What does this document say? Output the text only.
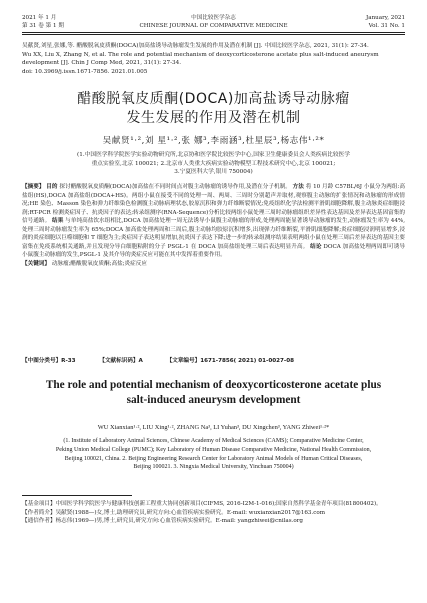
2021 年 1 月
第 31 卷 第 1 期
中国比较医学杂志
CHINESE JOURNAL OF COMPARATIVE MEDICINE
January, 2021
Vol. 31 No. 1

吴献贤,刘星,张娜,等. 醋酸脱氧皮质酮(DOCA)加高盐诱导动脉瘤发生发展的作用及潜在机制 [J]. 中国比较医学杂志, 2021, 31(1): 27-34.

Wu XX, Liu X, Zhang N, et al. The role and potential mechanism of deoxycorticosterone acetate plus salt-induced aneurysm development [J]. Chin J Comp Med, 2021, 31(1): 27-34.

doi: 10.3969/j.issn.1671-7856. 2021.01.005

醋酸脱氧皮质酮(DOCA)加高盐诱导动脉瘤
发生发展的作用及潜在机制
吴献贤¹·²,刘 星¹·²,张 娜³,李雨涵³,杜星辰³,杨志伟¹·²*

(1.中国医学科学院医学实验动物研究所,北京协和医学院比较医学中心,国家卫生健康委员会人类疾病比较医学

重点实验室,北京 100021; 2.北京市人类重大疾病实验动物模型工程技术研究中心,北京 100021;

3.宁夏医科大学,银川 750004)

【摘要】 目的 探讨醋酸脱氧皮质酮(DOCA)加高盐在不同时间点对腹主动脉瘤的诱导作用,及潜在分子机制。 方法 将 10 月龄 C57BL/6J 小鼠分为两组:高盐组(HS),DOCA 加高盐组(DOCA+HS)。两组小鼠在接受不同的处理一周、两周、三周时分别超声并取材,观察腹主动脉的扩张情况和动脉瘤的形成情况;HE 染色、Masson 染色和弹力纤维染色检测腹主动脉病理状态,胶原沉积和弹力纤维断裂情况;免疫组织化学法检测平滑肌细胞降解,腹主动脉炎症细胞浸润;RT-PCR 检测炎症因子、抗炎因子的表达;转录组测序(RNA-Sequence)分析比较两组小鼠处理三周时动脉瘤组织差异性表达基因及差异表达基因富集的信号通路。 结果 与单纯高盐饮水组相比,DOCA 加高盐处理一周无法诱导小鼠腹主动脉瘤的形成,处理两周能显著诱导动脉瘤的发生,动脉瘤发生率为 44%,处理三周时动脉瘤发生率为 65%;DOCA 加高盐处理两周和三周后,腹主动脉均胶原沉积增多,出现弹力纤维断裂,平滑肌细胞降解;炎症细胞浸润明显增多,浸润的炎症细胞以巨噬细胞和 T 细胞为主;炎症因子表达明显增加,抗炎因子表达下降;进一步的转录组测序结果表明两组小鼠在处理三周后差异表达的基因主要富集在免疫系统相关通路,并且发现分导白细胞粘附的分子 PSGL-1 在 DOCA 加高盐组处理三周后表达明显升高。 结论 DOCA 加高盐处理两周即可诱导小鼠腹主动脉瘤的发生,PSGL-1 及其介导的炎症反应可能在其中发挥着重要作用。

【关键词】 动脉瘤;醋酸脱氧皮质酮;高盐;炎症反应

【中图分类号】R-33	【文献标识码】A	【文章编号】1671-7856( 2021) 01-0027-08
The role and potential mechanism of deoxycorticosterone acetate plus
salt-induced aneurysm development
WU Xianxian¹·², LIU Xing¹·², ZHANG Na³, LI Yuhan³, DU Xingchen³, YANG Zhiwei¹·²*

(1. Institute of Laboratory Animal Sciences, Chinese Academy of Medical Sciences (CAMS); Comparative Medicine Center,

Peking Union Medical College (PUMC); Key Laboratory of Human Disease Comparative Medicine, National Health Commission,

Beijing 100021, China. 2. Beijing Engineering Research Center for Laboratory Animal Models of Human Critical Diseases,

Beijing 100021. 3. Ningxia Medical University, Yinchuan 750004)

【基金项目】中国医学科学院医学与健康科技创新工程重大协同创新项目(CIFMS, 2016-I2M-1-016);国家自然科学基金青年项目(81800402)。

【作者简介】吴献贤(1988—)女,博士,助理研究员,研究方向:心血管疾病实验研究。E-mail: wuxianxian2017@163.com

【通信作者】杨志伟(1969—)男,博士,研究员,研究方向:心血管疾病实验研究。E-mail: yangzhiwei@cnilas.org
